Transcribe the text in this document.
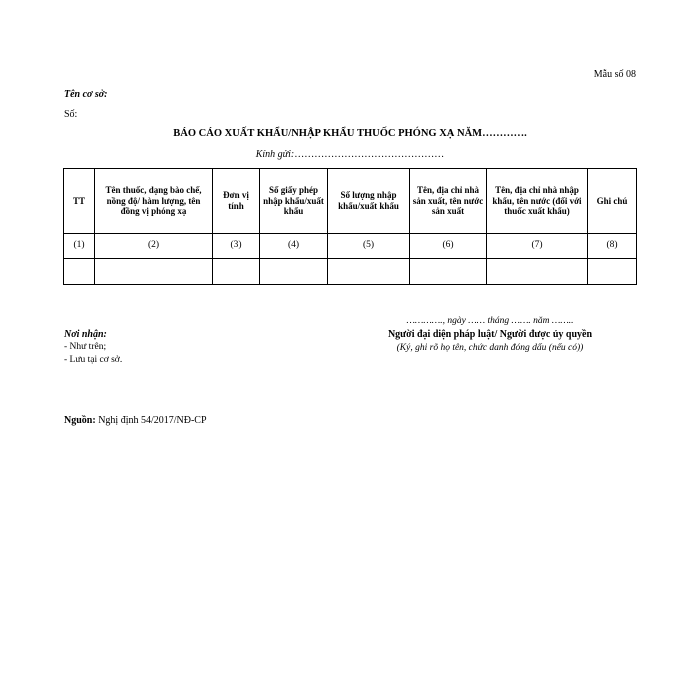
Mẫu số 08
Tên cơ sở:
Số:
BÁO CÁO XUẤT KHẨU/NHẬP KHẨU THUỐC PHÓNG XẠ NĂM………….
Kính gửi:………………………………………
TT	Tên thuốc, dạng bào chế, nồng độ/ hàm lượng, tên đồng vị phóng xạ	Đơn vị tính	Số giấy phép nhập khẩu/xuất khẩu	Số lượng nhập khẩu/xuất khẩu	Tên, địa chỉ nhà sản xuất, tên nước sản xuất	Tên, địa chỉ nhà nhập khẩu, tên nước (đối với thuốc xuất khẩu)	Ghi chú
(1)	(2)	(3)	(4)	(5)	(6)	(7)	(8)

…………., ngày …… tháng ……. năm ……..
Người đại diện pháp luật/ Người được ủy quyền
(Ký, ghi rõ họ tên, chức danh đóng dấu (nếu có))
Nơi nhận:
- Như trên;
- Lưu tại cơ sở.
Nguồn: Nghị định 54/2017/NĐ-CP
